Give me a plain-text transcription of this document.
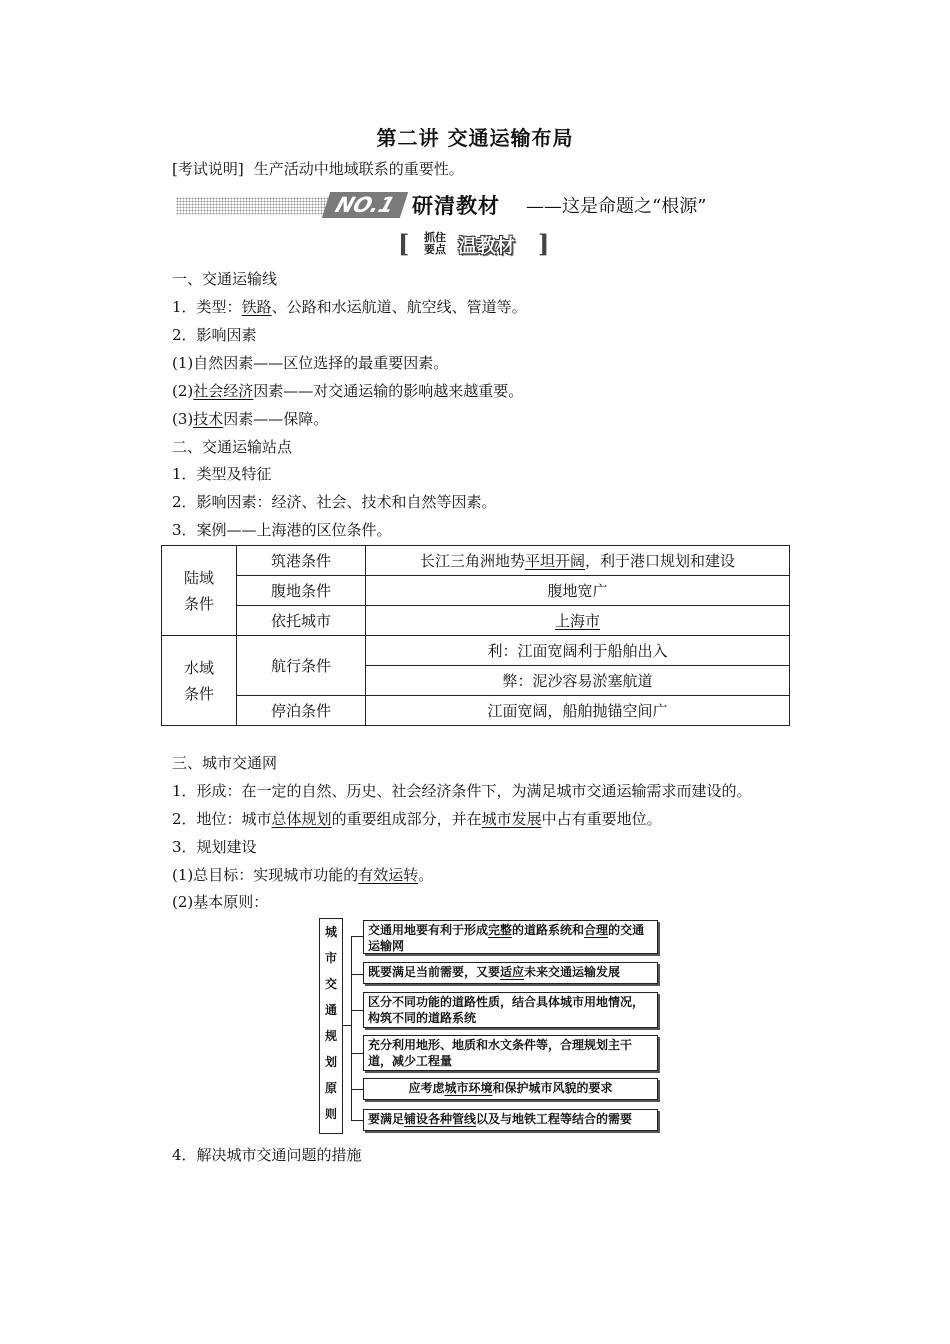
第二讲 交通运输布局
[考试说明] 生产活动中地域联系的重要性。
NO.1 研清教材 ——这是命题之“根源”
[	抓住
要点 温教材 ]
一、交通运输线
1．类型：铁路、公路和水运航道、航空线、管道等。
2．影响因素
(1)自然因素——区位选择的最重要因素。
(2)社会经济因素——对交通运输的影响越来越重要。
(3)技术因素——保障。
二、交通运输站点
1．类型及特征
2．影响因素：经济、社会、技术和自然等因素。
3．案例——上海港的区位条件。
陆域
条件	筑港条件	长江三角洲地势平坦开阔，利于港口规划和建设
	腹地条件	腹地宽广
	依托城市	上海市

水域
条件	航行条件	利：江面宽阔利于船舶出入
		弊：泥沙容易淤塞航道
	停泊条件	江面宽阔，船舶抛锚空间广
三、城市交通网
1．形成：在一定的自然、历史、社会经济条件下，为满足城市交通运输需求而建设的。
2．地位：城市总体规划的重要组成部分，并在城市发展中占有重要地位。
3．规划建设
(1)总目标：实现城市功能的有效运转。
(2)基本原则：
城
市
交
通
规
划
原
则
交通用地要有利于形成完整的道路系统和合理的交通运输网
既要满足当前需要，又要适应未来交通运输发展
区分不同功能的道路性质，结合具体城市用地情况，构筑不同的道路系统
充分利用地形、地质和水文条件等，合理规划主干道，减少工程量
应考虑城市环境和保护城市风貌的要求
要满足铺设各种管线以及与地铁工程等结合的需要
4．解决城市交通问题的措施
